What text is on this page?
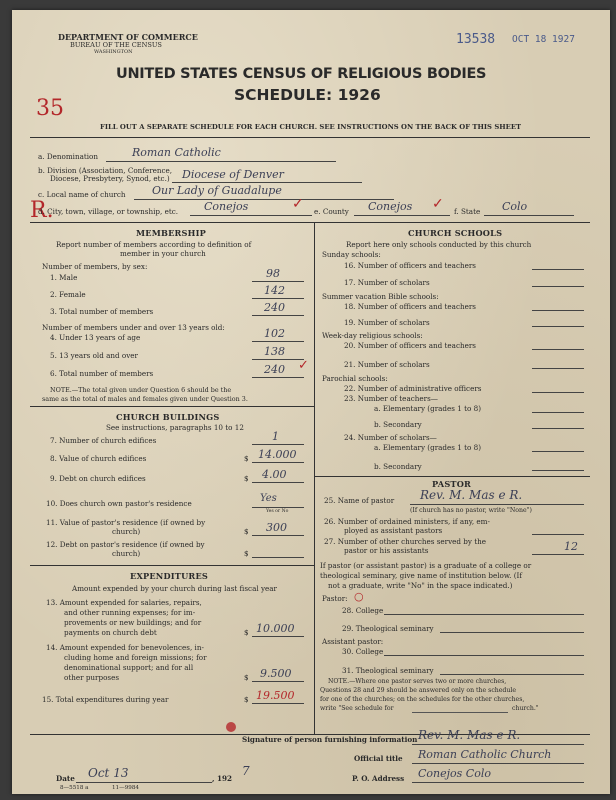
DEPARTMENT OF COMMERCE
BUREAU OF THE CENSUS
WASHINGTON
13538 OCT 18 1927
35
UNITED STATES CENSUS OF RELIGIOUS BODIES
SCHEDULE: 1926
FILL OUT A SEPARATE SCHEDULE FOR EACH CHURCH. SEE INSTRUCTIONS ON THE BACK OF THIS SHEET
a. Denomination	Roman Catholic
b. Division (Association, Conference,
Diocese, Presbytery, Synod, etc.) Diocese of Denver
c. Local name of church Our Lady of Guadalupe
R.
d. City, town, village, or township, etc. Conejos	✓ e. County Conejos ✓ f. State Colo
MEMBERSHIP
Report number of members according to definition of
member in your church
Number of members, by sex:
1. Male	98
2. Female	142
3. Total number of members	240
Number of members under and over 13 years old:
4. Under 13 years of age	102
5. 13 years old and over	138
6. Total number of members	240 ✓
NOTE.—The total given under Question 6 should be the
same as the total of males and females given under Question 3.
CHURCH BUILDINGS
See instructions, paragraphs 10 to 12
7. Number of church edifices	1
8. Value of church edifices	$ 14.000
9. Debt on church edifices	$ 4.00
10. Does church own pastor's residence	Yes
Yes or No
11. Value of pastor's residence (if owned by
church)	$ 300
12. Debt on pastor's residence (if owned by
church)	$
EXPENDITURES
Amount expended by your church during last fiscal year
13. Amount expended for salaries, repairs,
and other running expenses; for im-
provements or new buildings; and for
payments on church debt	$ 10.000
14. Amount expended for benevolences, in-
cluding home and foreign missions; for
denominational support; and for all
other purposes	$ 9.500
15. Total expenditures during year	$ 19.500
CHURCH SCHOOLS
Report here only schools conducted by this church
Sunday schools:
16. Number of officers and teachers
17. Number of scholars
Summer vacation Bible schools:
18. Number of officers and teachers
19. Number of scholars
Week-day religious schools:
20. Number of officers and teachers
21. Number of scholars
Parochial schools:
22. Number of administrative officers
23. Number of teachers—
a. Elementary (grades 1 to 8)
b. Secondary
24. Number of scholars—
a. Elementary (grades 1 to 8)
b. Secondary
PASTOR
25. Name of pastor Rev. M. Mas e R.
(If church has no pastor, write "None")
26. Number of ordained ministers, if any, em-
ployed as assistant pastors
27. Number of other churches served by the
pastor or his assistants	12
If pastor (or assistant pastor) is a graduate of a college or
theological seminary, give name of institution below. (If
not a graduate, write "No" in the space indicated.)
Pastor: ○
28. College
29. Theological seminary
Assistant pastor:
30. College
31. Theological seminary
NOTE.—Where one pastor serves two or more churches,
Questions 28 and 29 should be answered only on the schedule
for one of the churches; on the schedules for the other churches,
write "See schedule for	church."
Signature of person furnishing information Rev. M. Mas e R.
Official title Roman Catholic Church
Date Oct 13	, 192
7
P. O. Address Conejos Colo
8—5518 a	11—9984
